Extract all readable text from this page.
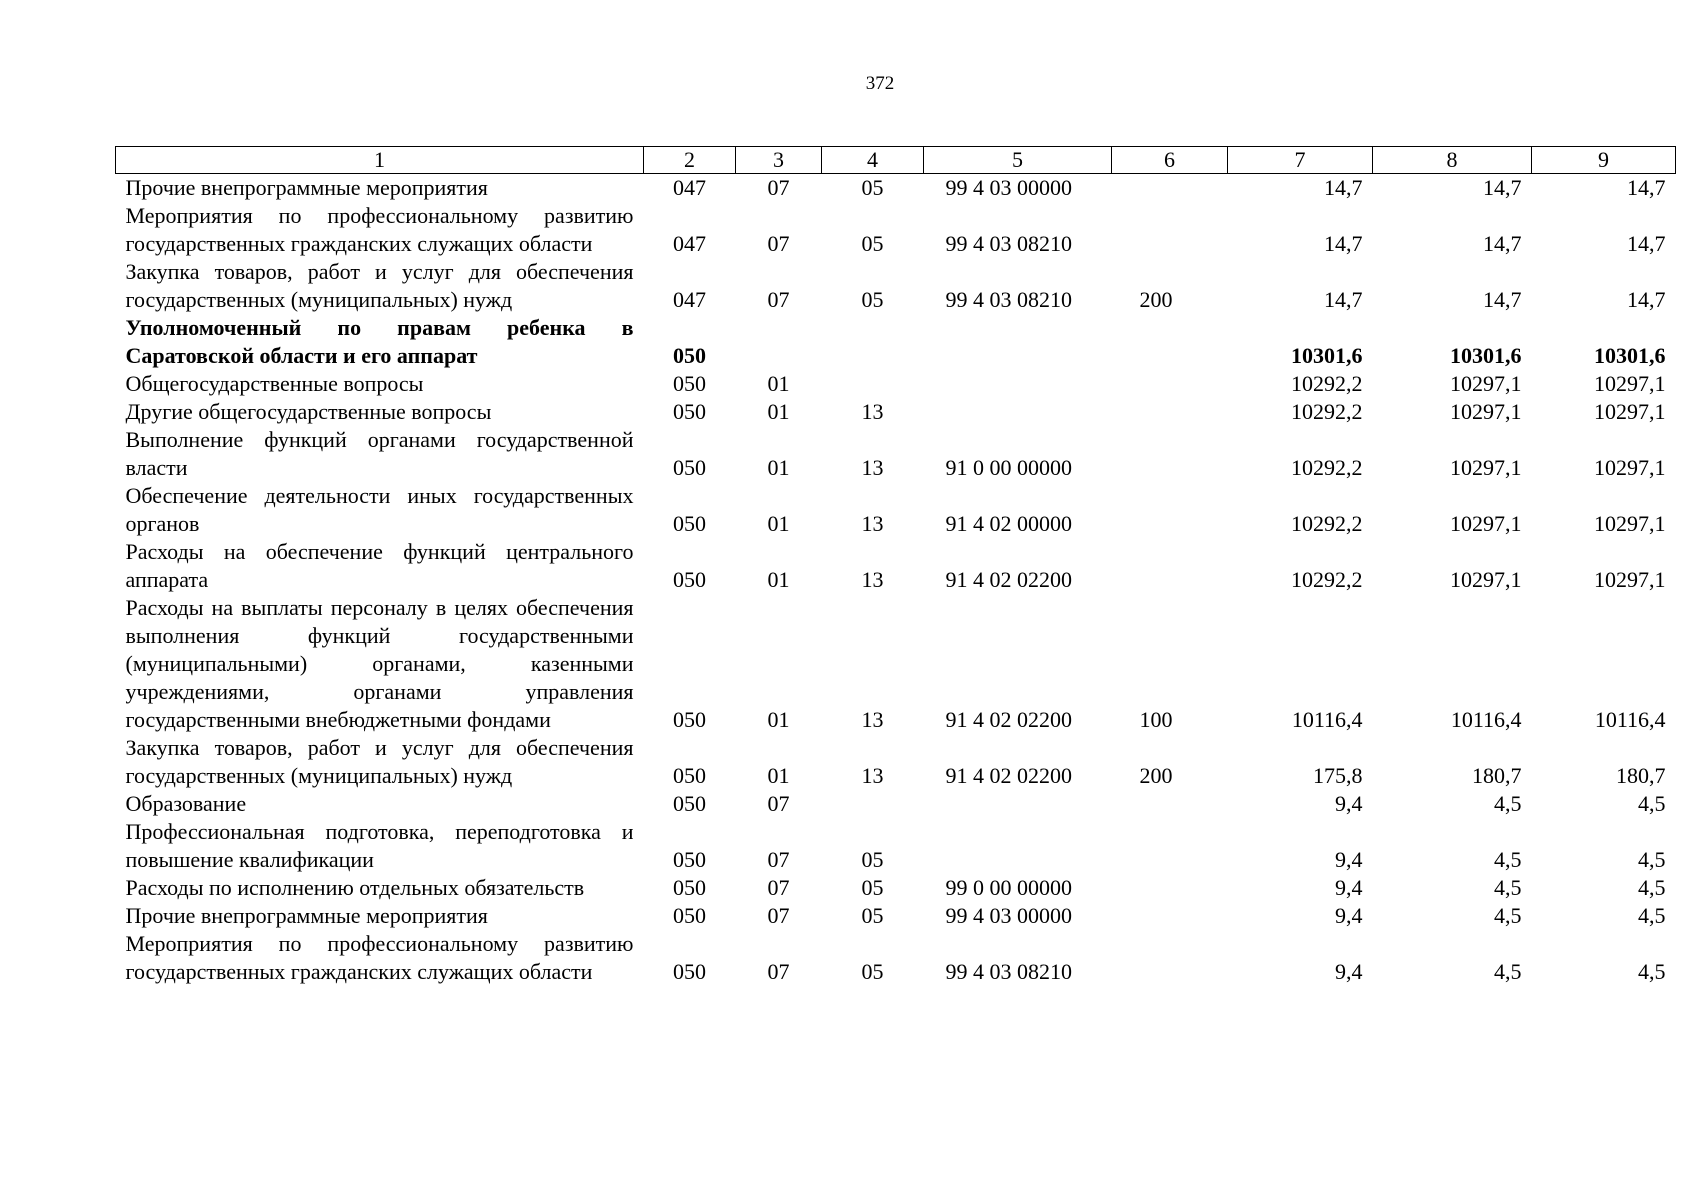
372
1	2	3	4	5	6	7	8	9
Прочие внепрограммные мероприятия	047	07	05	99 4 03 00000		14,7	14,7	14,7
Мероприятия по профессиональному развитию государственных гражданских служащих области	047	07	05	99 4 03 08210		14,7	14,7	14,7
Закупка товаров, работ и услуг для обеспечения государственных (муниципальных) нужд	047	07	05	99 4 03 08210	200	14,7	14,7	14,7
Уполномоченный по правам ребенка в Саратовской области и его аппарат	050					10301,6	10301,6	10301,6
Общегосударственные вопросы	050	01				10292,2	10297,1	10297,1
Другие общегосударственные вопросы	050	01	13			10292,2	10297,1	10297,1
Выполнение функций органами государственной власти	050	01	13	91 0 00 00000		10292,2	10297,1	10297,1
Обеспечение деятельности иных государственных органов	050	01	13	91 4 02 00000		10292,2	10297,1	10297,1
Расходы на обеспечение функций центрального аппарата	050	01	13	91 4 02 02200		10292,2	10297,1	10297,1
Расходы на выплаты персоналу в целях обеспечения выполнения функций государственными (муниципальными) органами, казенными учреждениями, органами управления государственными внебюджетными фондами	050	01	13	91 4 02 02200	100	10116,4	10116,4	10116,4
Закупка товаров, работ и услуг для обеспечения государственных (муниципальных) нужд	050	01	13	91 4 02 02200	200	175,8	180,7	180,7
Образование	050	07				9,4	4,5	4,5
Профессиональная подготовка, переподготовка и повышение квалификации	050	07	05			9,4	4,5	4,5
Расходы по исполнению отдельных обязательств	050	07	05	99 0 00 00000		9,4	4,5	4,5
Прочие внепрограммные мероприятия	050	07	05	99 4 03 00000		9,4	4,5	4,5
Мероприятия по профессиональному развитию государственных гражданских служащих области	050	07	05	99 4 03 08210		9,4	4,5	4,5
